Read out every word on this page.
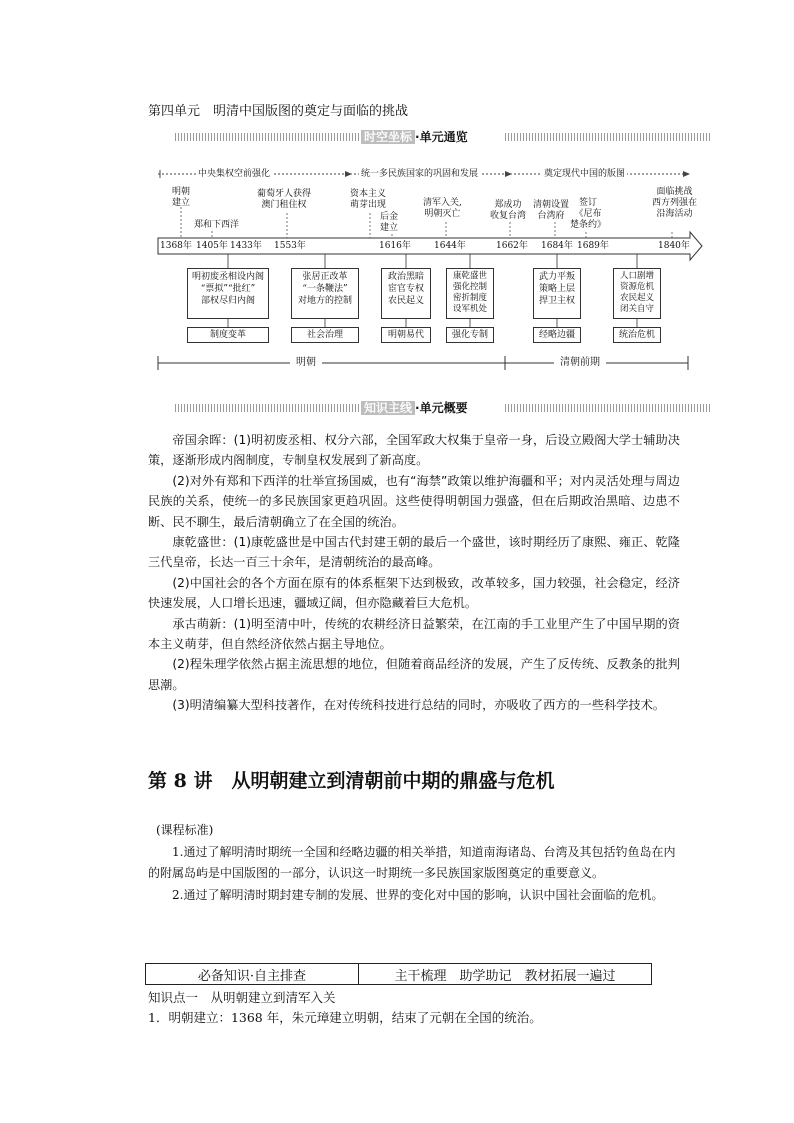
第四单元　明清中国版图的奠定与面临的挑战
时空坐标 ·单元通览
中央集权空前强化	统一多民族国家的巩固和发展	奠定现代中国的版图
明朝
建立
郑和下西洋
葡萄牙人获得
澳门租住权
资本主义
萌芽出现
后金
建立
清军入关,
明朝灭亡
郑成功
收复台湾
清朝设置
台湾府
签订
《尼布
楚条约》
面临挑战
西方列强在
沿海活动
1368年 1405年 1433年 1553年	1616年	1644年	1662年 1684年 1689年	1840年
明初废丞相设内阁
“票拟”“批红”
部权尽归内阁
张居正改革
“一条鞭法”
对地方的控制
政治黑暗
宦官专权
农民起义
康乾盛世
强化控制
密折制度
设军机处
武力平叛
策略上层
捍卫主权
人口剧增
资源危机
农民起义
闭关自守
制度变革	社会治理	明朝易代	强化专制	经略边疆	统治危机
明朝	清朝前期
知识主线 ·单元概要

帝国余晖：(1)明初废丞相、权分六部，全国军政大权集于皇帝一身，后设立殿阁大学士辅助决策，逐渐形成内阁制度，专制皇权发展到了新高度。

(2)对外有郑和下西洋的壮举宣扬国威，也有“海禁”政策以维护海疆和平；对内灵活处理与周边民族的关系，使统一的多民族国家更趋巩固。这些使得明朝国力强盛，但在后期政治黑暗、边患不断、民不聊生，最后清朝确立了在全国的统治。

康乾盛世：(1)康乾盛世是中国古代封建王朝的最后一个盛世，该时期经历了康熙、雍正、乾隆三代皇帝，长达一百三十余年，是清朝统治的最高峰。

(2)中国社会的各个方面在原有的体系框架下达到极致，改革较多，国力较强，社会稳定，经济快速发展，人口增长迅速，疆域辽阔，但亦隐藏着巨大危机。

承古萌新：(1)明至清中叶，传统的农耕经济日益繁荣，在江南的手工业里产生了中国早期的资本主义萌芽，但自然经济依然占据主导地位。

(2)程朱理学依然占据主流思想的地位，但随着商品经济的发展，产生了反传统、反教条的批判思潮。

(3)明清编纂大型科技著作，在对传统科技进行总结的同时，亦吸收了西方的一些科学技术。

第 8 讲　从明朝建立到清朝前中期的鼎盛与危机

(课程标准)

1.通过了解明清时期统一全国和经略边疆的相关举措，知道南海诸岛、台湾及其包括钓鱼岛在内的附属岛屿是中国版图的一部分，认识这一时期统一多民族国家版图奠定的重要意义。

2.通过了解明清时期封建专制的发展、世界的变化对中国的影响，认识中国社会面临的危机。

必备知识·自主排查	主干梳理　助学助记　教材拓展一遍过
知识点一　从明朝建立到清军入关
1．明朝建立：1368 年，朱元璋建立明朝，结束了元朝在全国的统治。
